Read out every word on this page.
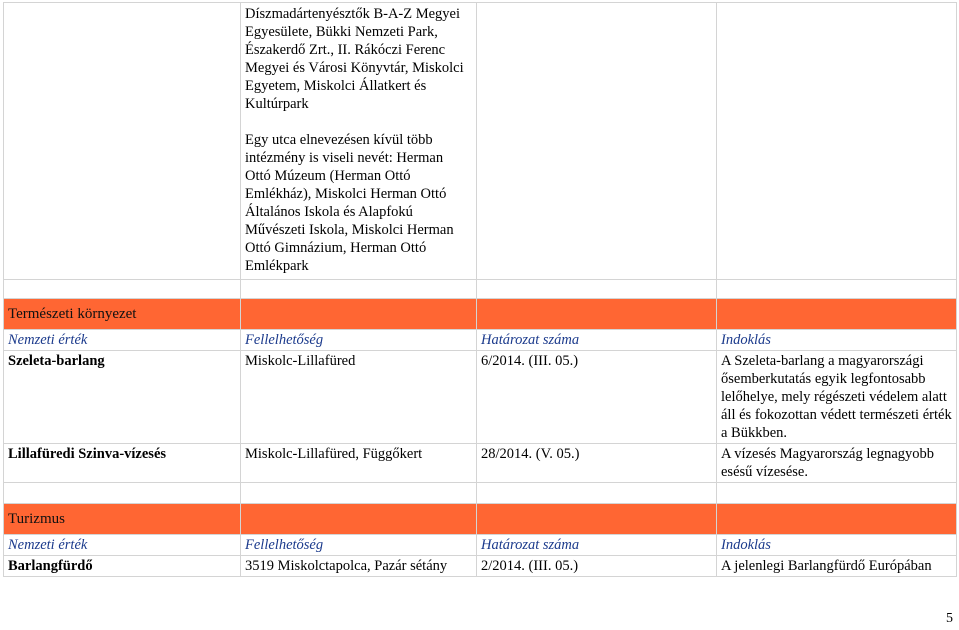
	Díszmadártenyésztők B-A-Z Megyei Egyesülete, Bükki Nemzeti Park, Északerdő Zrt., II. Rákóczi Ferenc Megyei és Városi Könyvtár, Miskolci Egyetem, Miskolci Állatkert és Kultúrpark
Egy utca elnevezésen kívül több intézmény is viseli nevét: Herman Ottó Múzeum (Herman Ottó Emlékház), Miskolci Herman Ottó Általános Iskola és Alapfokú Művészeti Iskola, Miskolci Herman Ottó Gimnázium, Herman Ottó Emlékpark		

Természeti környezet			
Nemzeti érték	Fellelhetőség	Határozat száma	Indoklás
Szeleta-barlang	Miskolc-Lillafüred	6/2014. (III. 05.)	A Szeleta-barlang a magyarországi ősemberkutatás egyik legfontosabb lelőhelye, mely régészeti védelem alatt áll és fokozottan védett természeti érték a Bükkben.
Lillafüredi Szinva-vízesés	Miskolc-Lillafüred, Függőkert	28/2014. (V. 05.)	A vízesés Magyarország legnagyobb esésű vízesése.

Turizmus			
Nemzeti érték	Fellelhetőség	Határozat száma	Indoklás
Barlangfürdő	3519 Miskolctapolca, Pazár sétány	2/2014. (III. 05.)	A jelenlegi Barlangfürdő Európában
5
